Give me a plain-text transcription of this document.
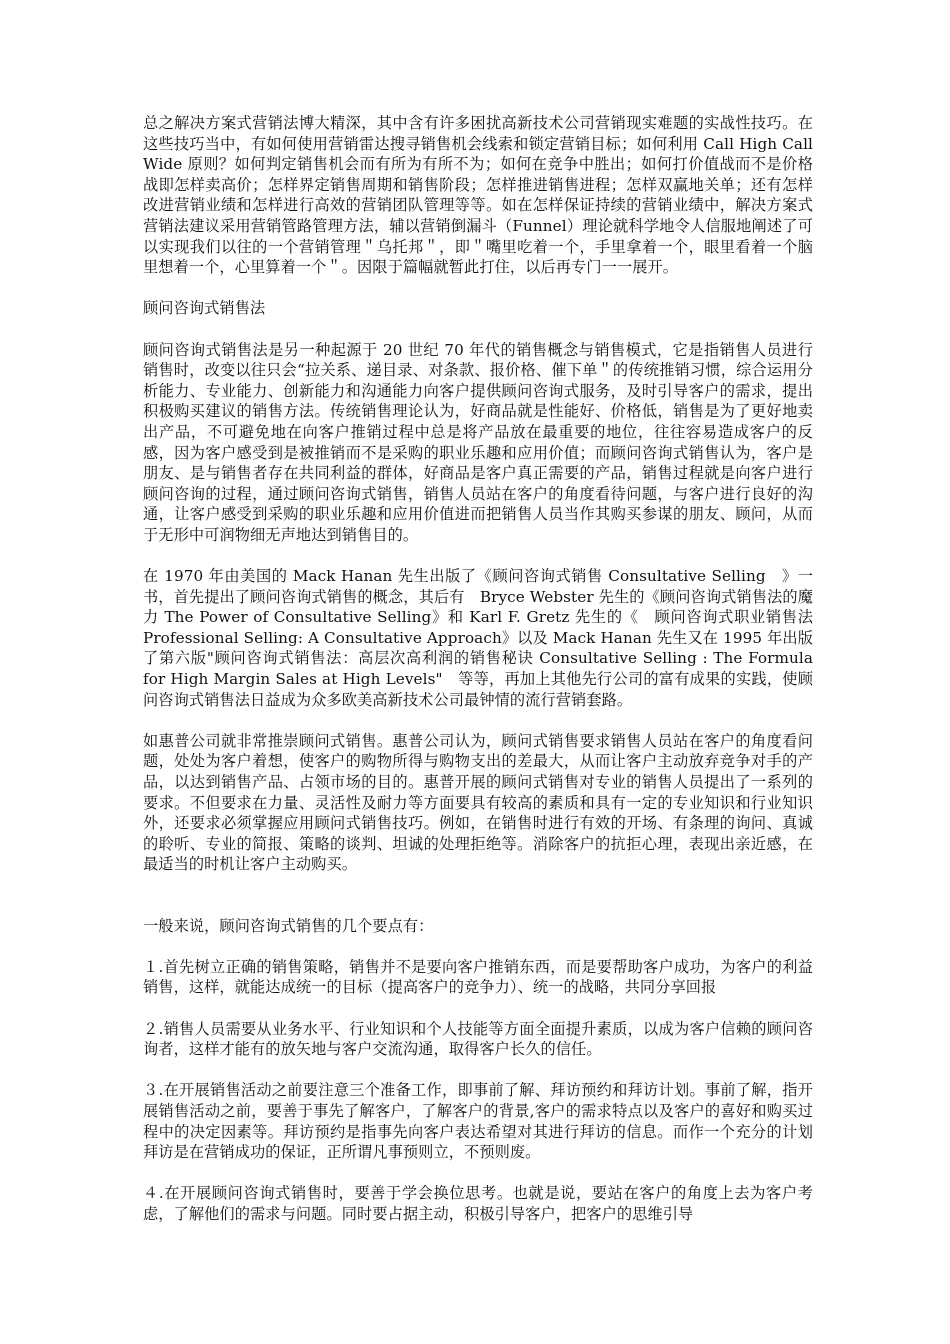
总之解决方案式营销法博大精深，其中含有许多困扰高新技术公司营销现实难题的实战性技巧。在这些技巧当中，有如何使用营销雷达搜寻销售机会线索和锁定营销目标；如何利用 Call High Call Wide 原则？如何判定销售机会而有所为有所不为；如何在竞争中胜出；如何打价值战而不是价格战即怎样卖高价；怎样界定销售周期和销售阶段；怎样推进销售进程；怎样双赢地关单；还有怎样改进营销业绩和怎样进行高效的营销团队管理等等。如在怎样保证持续的营销业绩中，解决方案式营销法建议采用营销管路管理方法，辅以营销倒漏斗（Funnel）理论就科学地令人信服地阐述了可以实现我们以往的一个营销管理＂乌托邦＂，即＂嘴里吃着一个，手里拿着一个，眼里看着一个脑里想着一个，心里算着一个＂。因限于篇幅就暂此打住，以后再专门一一展开。

顾问咨询式销售法

顾问咨询式销售法是另一种起源于 20 世纪 70 年代的销售概念与销售模式，它是指销售人员进行销售时，改变以往只会“拉关系、递目录、对条款、报价格、催下单＂的传统推销习惯，综合运用分析能力、专业能力、创新能力和沟通能力向客户提供顾问咨询式服务，及时引导客户的需求，提出积极购买建议的销售方法。传统销售理论认为，好商品就是性能好、价格低，销售是为了更好地卖出产品，不可避免地在向客户推销过程中总是将产品放在最重要的地位，往往容易造成客户的反感，因为客户感受到是被推销而不是采购的职业乐趣和应用价值；而顾问咨询式销售认为，客户是朋友、是与销售者存在共同利益的群体，好商品是客户真正需要的产品，销售过程就是向客户进行顾问咨询的过程，通过顾问咨询式销售，销售人员站在客户的角度看待问题，与客户进行良好的沟通，让客户感受到采购的职业乐趣和应用价值进而把销售人员当作其购买参谋的朋友、顾问，从而于无形中可润物细无声地达到销售目的。

在 1970 年由美国的 Mack Hanan 先生出版了《顾问咨询式销售 Consultative Selling　》一书，首先提出了顾问咨询式销售的概念，其后有　Bryce Webster 先生的《顾问咨询式销售法的魔力 The Power of Consultative Selling》和 Karl F. Gretz 先生的《　顾问咨询式职业销售法 Professional Selling: A Consultative Approach》以及 Mack Hanan 先生又在 1995 年出版了第六版"顾问咨询式销售法：高层次高利润的销售秘诀 Consultative Selling : The Formula for High Margin Sales at High Levels"　等等，再加上其他先行公司的富有成果的实践，使顾问咨询式销售法日益成为众多欧美高新技术公司最钟情的流行营销套路。

如惠普公司就非常推崇顾问式销售。惠普公司认为，顾问式销售要求销售人员站在客户的角度看问题，处处为客户着想，使客户的购物所得与购物支出的差最大，从而让客户主动放弃竞争对手的产品，以达到销售产品、占领市场的目的。惠普开展的顾问式销售对专业的销售人员提出了一系列的要求。不但要求在力量、灵活性及耐力等方面要具有较高的素质和具有一定的专业知识和行业知识外，还要求必须掌握应用顾问式销售技巧。例如，在销售时进行有效的开场、有条理的询问、真诚的聆听、专业的简报、策略的谈判、坦诚的处理拒绝等。消除客户的抗拒心理，表现出亲近感，在最适当的时机让客户主动购买。

一般来说，顾问咨询式销售的几个要点有：

１.首先树立正确的销售策略，销售并不是要向客户推销东西，而是要帮助客户成功，为客户的利益销售，这样，就能达成统一的目标（提高客户的竞争力）、统一的战略，共同分享回报

２.销售人员需要从业务水平、行业知识和个人技能等方面全面提升素质，以成为客户信赖的顾问咨询者，这样才能有的放矢地与客户交流沟通，取得客户长久的信任。

３.在开展销售活动之前要注意三个准备工作，即事前了解、拜访预约和拜访计划。事前了解，指开展销售活动之前，要善于事先了解客户，了解客户的背景,客户的需求特点以及客户的喜好和购买过程中的决定因素等。拜访预约是指事先向客户表达希望对其进行拜访的信息。而作一个充分的计划拜访是在营销成功的保证，正所谓凡事预则立，不预则废。

４.在开展顾问咨询式销售时，要善于学会换位思考。也就是说，要站在客户的角度上去为客户考虑，了解他们的需求与问题。同时要占据主动，积极引导客户，把客户的思维引导
